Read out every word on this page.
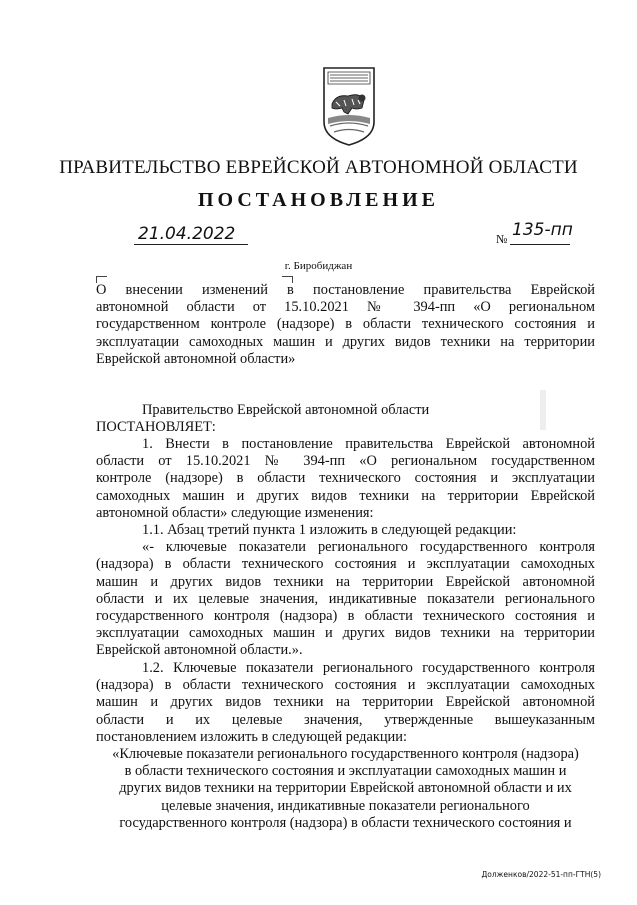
ПРАВИТЕЛЬСТВО ЕВРЕЙСКОЙ АВТОНОМНОЙ ОБЛАСТИ
ПОСТАНОВЛЕНИЕ
21.04.2022	№ 135-пп
г. Биробиджан
О внесении изменений в постановление правительства Еврейской
автономной области от 15.10.2021 № 394-пп «О региональном
государственном контроле (надзоре) в области технического состояния и
эксплуатации самоходных машин и других видов техники на территории
Еврейской автономной области»
Правительство Еврейской автономной области
ПОСТАНОВЛЯЕТ:
1. Внести в постановление правительства Еврейской автономной
области от 15.10.2021 № 394-пп «О региональном государственном
контроле (надзоре) в области технического состояния и эксплуатации
самоходных машин и других видов техники на территории Еврейской
автономной области» следующие изменения:
1.1. Абзац третий пункта 1 изложить в следующей редакции:
«- ключевые показатели регионального государственного контроля
(надзора) в области технического состояния и эксплуатации самоходных
машин и других видов техники на территории Еврейской автономной
области и их целевые значения, индикативные показатели регионального
государственного контроля (надзора) в области технического состояния и
эксплуатации самоходных машин и других видов техники на территории
Еврейской автономной области.».
1.2. Ключевые показатели регионального государственного контроля
(надзора) в области технического состояния и эксплуатации самоходных
машин и других видов техники на территории Еврейской автономной
области и их целевые значения, утвержденные вышеуказанным
постановлением изложить в следующей редакции:
«Ключевые показатели регионального государственного контроля (надзора)
в области технического состояния и эксплуатации самоходных машин и
других видов техники на территории Еврейской автономной области и их
целевые значения, индикативные показатели регионального
государственного контроля (надзора) в области технического состояния и
Долженков/2022-51-пп-ГТН(5)
